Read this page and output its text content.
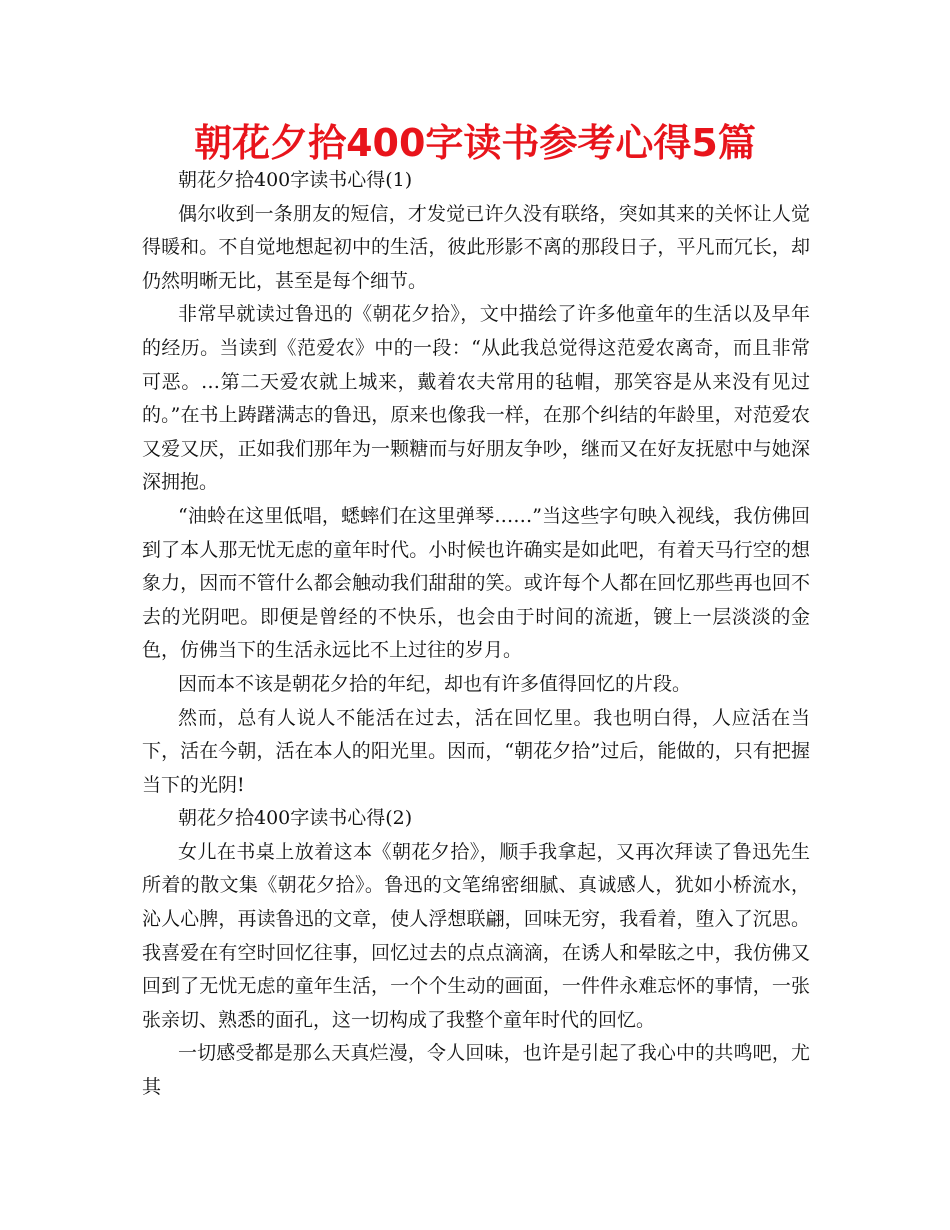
朝花夕拾400字读书参考心得5篇

朝花夕拾400字读书心得(1)

偶尔收到一条朋友的短信，才发觉已许久没有联络，突如其来的关怀让人觉得暖和。不自觉地想起初中的生活，彼此形影不离的那段日子，平凡而冗长，却仍然明晰无比，甚至是每个细节。

非常早就读过鲁迅的《朝花夕拾》，文中描绘了许多他童年的生活以及早年的经历。当读到《范爱农》中的一段：“从此我总觉得这范爱农离奇，而且非常可恶。…第二天爱农就上城来，戴着农夫常用的毡帽，那笑容是从来没有见过的。”在书上踌躇满志的鲁迅，原来也像我一样，在那个纠结的年龄里，对范爱农又爱又厌，正如我们那年为一颗糖而与好朋友争吵，继而又在好友抚慰中与她深深拥抱。

“油蛉在这里低唱，蟋蟀们在这里弹琴……”当这些字句映入视线，我仿佛回到了本人那无忧无虑的童年时代。小时候也许确实是如此吧，有着天马行空的想象力，因而不管什么都会触动我们甜甜的笑。或许每个人都在回忆那些再也回不去的光阴吧。即便是曾经的不快乐，也会由于时间的流逝，镀上一层淡淡的金色，仿佛当下的生活永远比不上过往的岁月。

因而本不该是朝花夕拾的年纪，却也有许多值得回忆的片段。

然而，总有人说人不能活在过去，活在回忆里。我也明白得，人应活在当下，活在今朝，活在本人的阳光里。因而，“朝花夕拾”过后，能做的，只有把握当下的光阴!

朝花夕拾400字读书心得(2)

女儿在书桌上放着这本《朝花夕拾》，顺手我拿起，又再次拜读了鲁迅先生所着的散文集《朝花夕拾》。鲁迅的文笔绵密细腻、真诚感人，犹如小桥流水，沁人心脾，再读鲁迅的文章，使人浮想联翩，回味无穷，我看着，堕入了沉思。我喜爱在有空时回忆往事，回忆过去的点点滴滴，在诱人和晕眩之中，我仿佛又回到了无忧无虑的童年生活，一个个生动的画面，一件件永难忘怀的事情，一张张亲切、熟悉的面孔，这一切构成了我整个童年时代的回忆。

一切感受都是那么天真烂漫，令人回味，也许是引起了我心中的共鸣吧，尤其
